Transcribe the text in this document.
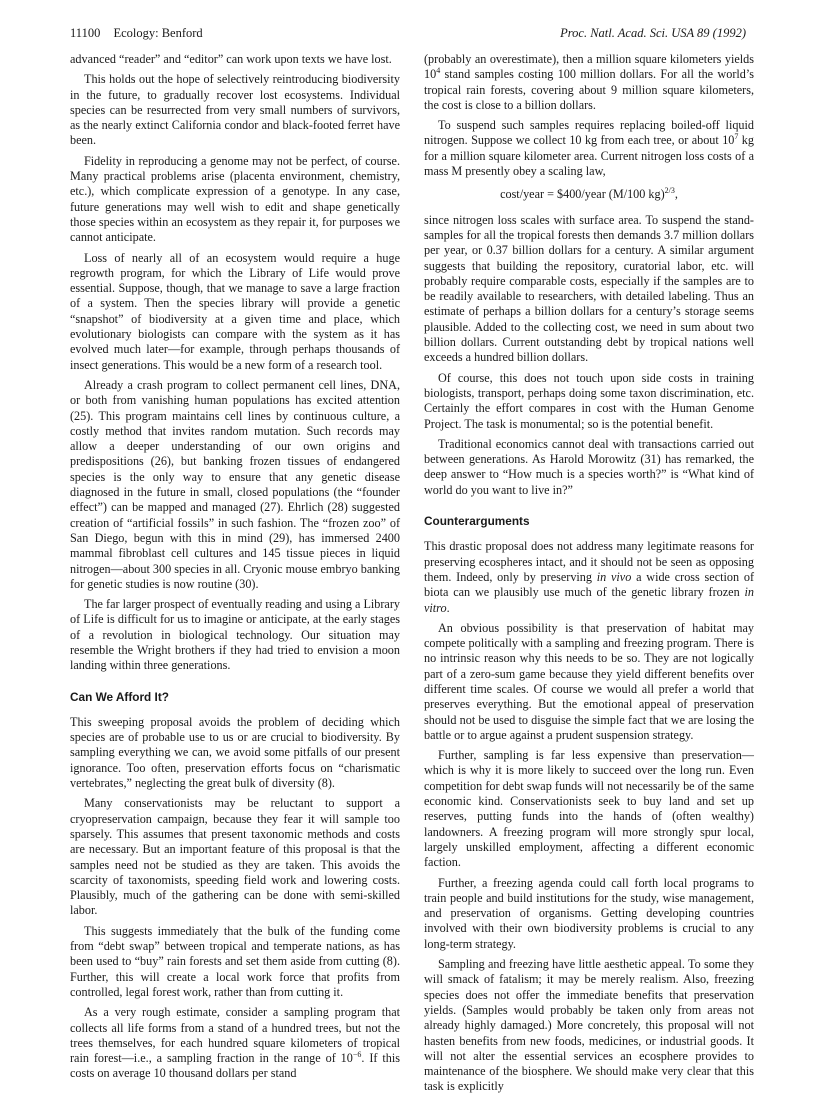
11100 Ecology: Benford	Proc. Natl. Acad. Sci. USA 89 (1992)

advanced “reader” and “editor” can work upon texts we have lost.

This holds out the hope of selectively reintroducing biodiversity in the future, to gradually recover lost ecosystems. Individual species can be resurrected from very small numbers of survivors, as the nearly extinct California condor and black-footed ferret have been.

Fidelity in reproducing a genome may not be perfect, of course. Many practical problems arise (placenta environment, chemistry, etc.), which complicate expression of a genotype. In any case, future generations may well wish to edit and shape genetically those species within an ecosystem as they repair it, for purposes we cannot anticipate.

Loss of nearly all of an ecosystem would require a huge regrowth program, for which the Library of Life would prove essential. Suppose, though, that we manage to save a large fraction of a system. Then the species library will provide a genetic “snapshot” of biodiversity at a given time and place, which evolutionary biologists can compare with the system as it has evolved much later—for example, through perhaps thousands of insect generations. This would be a new form of a research tool.

Already a crash program to collect permanent cell lines, DNA, or both from vanishing human populations has excited attention (25). This program maintains cell lines by continuous culture, a costly method that invites random mutation. Such records may allow a deeper understanding of our own origins and predispositions (26), but banking frozen tissues of endangered species is the only way to ensure that any genetic disease diagnosed in the future in small, closed populations (the “founder effect”) can be mapped and managed (27). Ehrlich (28) suggested creation of “artificial fossils” in such fashion. The “frozen zoo” of San Diego, begun with this in mind (29), has immersed 2400 mammal fibroblast cell cultures and 145 tissue pieces in liquid nitrogen—about 300 species in all. Cryonic mouse embryo banking for genetic studies is now routine (30).

The far larger prospect of eventually reading and using a Library of Life is difficult for us to imagine or anticipate, at the early stages of a revolution in biological technology. Our situation may resemble the Wright brothers if they had tried to envision a moon landing within three generations.

Can We Afford It?

This sweeping proposal avoids the problem of deciding which species are of probable use to us or are crucial to biodiversity. By sampling everything we can, we avoid some pitfalls of our present ignorance. Too often, preservation efforts focus on “charismatic vertebrates,” neglecting the great bulk of diversity (8).

Many conservationists may be reluctant to support a cryopreservation campaign, because they fear it will sample too sparsely. This assumes that present taxonomic methods and costs are necessary. But an important feature of this proposal is that the samples need not be studied as they are taken. This avoids the scarcity of taxonomists, speeding field work and lowering costs. Plausibly, much of the gathering can be done with semi-skilled labor.

This suggests immediately that the bulk of the funding come from “debt swap” between tropical and temperate nations, as has been used to “buy” rain forests and set them aside from cutting (8). Further, this will create a local work force that profits from controlled, legal forest work, rather than from cutting it.

As a very rough estimate, consider a sampling program that collects all life forms from a stand of a hundred trees, but not the trees themselves, for each hundred square kilometers of tropical rain forest—i.e., a sampling fraction in the range of $10^{-6}$. If this costs on average 10 thousand dollars per stand

(probably an overestimate), then a million square kilometers yields $10^4$ stand samples costing 100 million dollars. For all the world’s tropical rain forests, covering about 9 million square kilometers, the cost is close to a billion dollars.

To suspend such samples requires replacing boiled-off liquid nitrogen. Suppose we collect 10 kg from each tree, or about $10^7$ kg for a million square kilometer area. Current nitrogen loss costs of a mass M presently obey a scaling law,

cost/year = $400/year (M/100 kg)$^{2/3}$,

since nitrogen loss scales with surface area. To suspend the stand-samples for all the tropical forests then demands 3.7 million dollars per year, or 0.37 billion dollars for a century. A similar argument suggests that building the repository, curatorial labor, etc. will probably require comparable costs, especially if the samples are to be readily available to researchers, with detailed labeling. Thus an estimate of perhaps a billion dollars for a century’s storage seems plausible. Added to the collecting cost, we need in sum about two billion dollars. Current outstanding debt by tropical nations well exceeds a hundred billion dollars.

Of course, this does not touch upon side costs in training biologists, transport, perhaps doing some taxon discrimination, etc. Certainly the effort compares in cost with the Human Genome Project. The task is monumental; so is the potential benefit.

Traditional economics cannot deal with transactions carried out between generations. As Harold Morowitz (31) has remarked, the deep answer to “How much is a species worth?” is “What kind of world do you want to live in?”

Counterarguments

This drastic proposal does not address many legitimate reasons for preserving ecospheres intact, and it should not be seen as opposing them. Indeed, only by preserving in vivo a wide cross section of biota can we plausibly use much of the genetic library frozen in vitro.

An obvious possibility is that preservation of habitat may compete politically with a sampling and freezing program. There is no intrinsic reason why this needs to be so. They are not logically part of a zero-sum game because they yield different benefits over different time scales. Of course we would all prefer a world that preserves everything. But the emotional appeal of preservation should not be used to disguise the simple fact that we are losing the battle or to argue against a prudent suspension strategy.

Further, sampling is far less expensive than preservation—which is why it is more likely to succeed over the long run. Even competition for debt swap funds will not necessarily be of the same economic kind. Conservationists seek to buy land and set up reserves, putting funds into the hands of (often wealthy) landowners. A freezing program will more strongly spur local, largely unskilled employment, affecting a different economic faction.

Further, a freezing agenda could call forth local programs to train people and build institutions for the study, wise management, and preservation of organisms. Getting developing countries involved with their own biodiversity problems is crucial to any long-term strategy.

Sampling and freezing have little aesthetic appeal. To some they will smack of fatalism; it may be merely realism. Also, freezing species does not offer the immediate benefits that preservation yields. (Samples would probably be taken only from areas not already highly damaged.) More concretely, this proposal will not hasten benefits from new foods, medicines, or industrial goods. It will not alter the essential services an ecosphere provides to maintenance of the biosphere. We should make very clear that this task is explicitly
